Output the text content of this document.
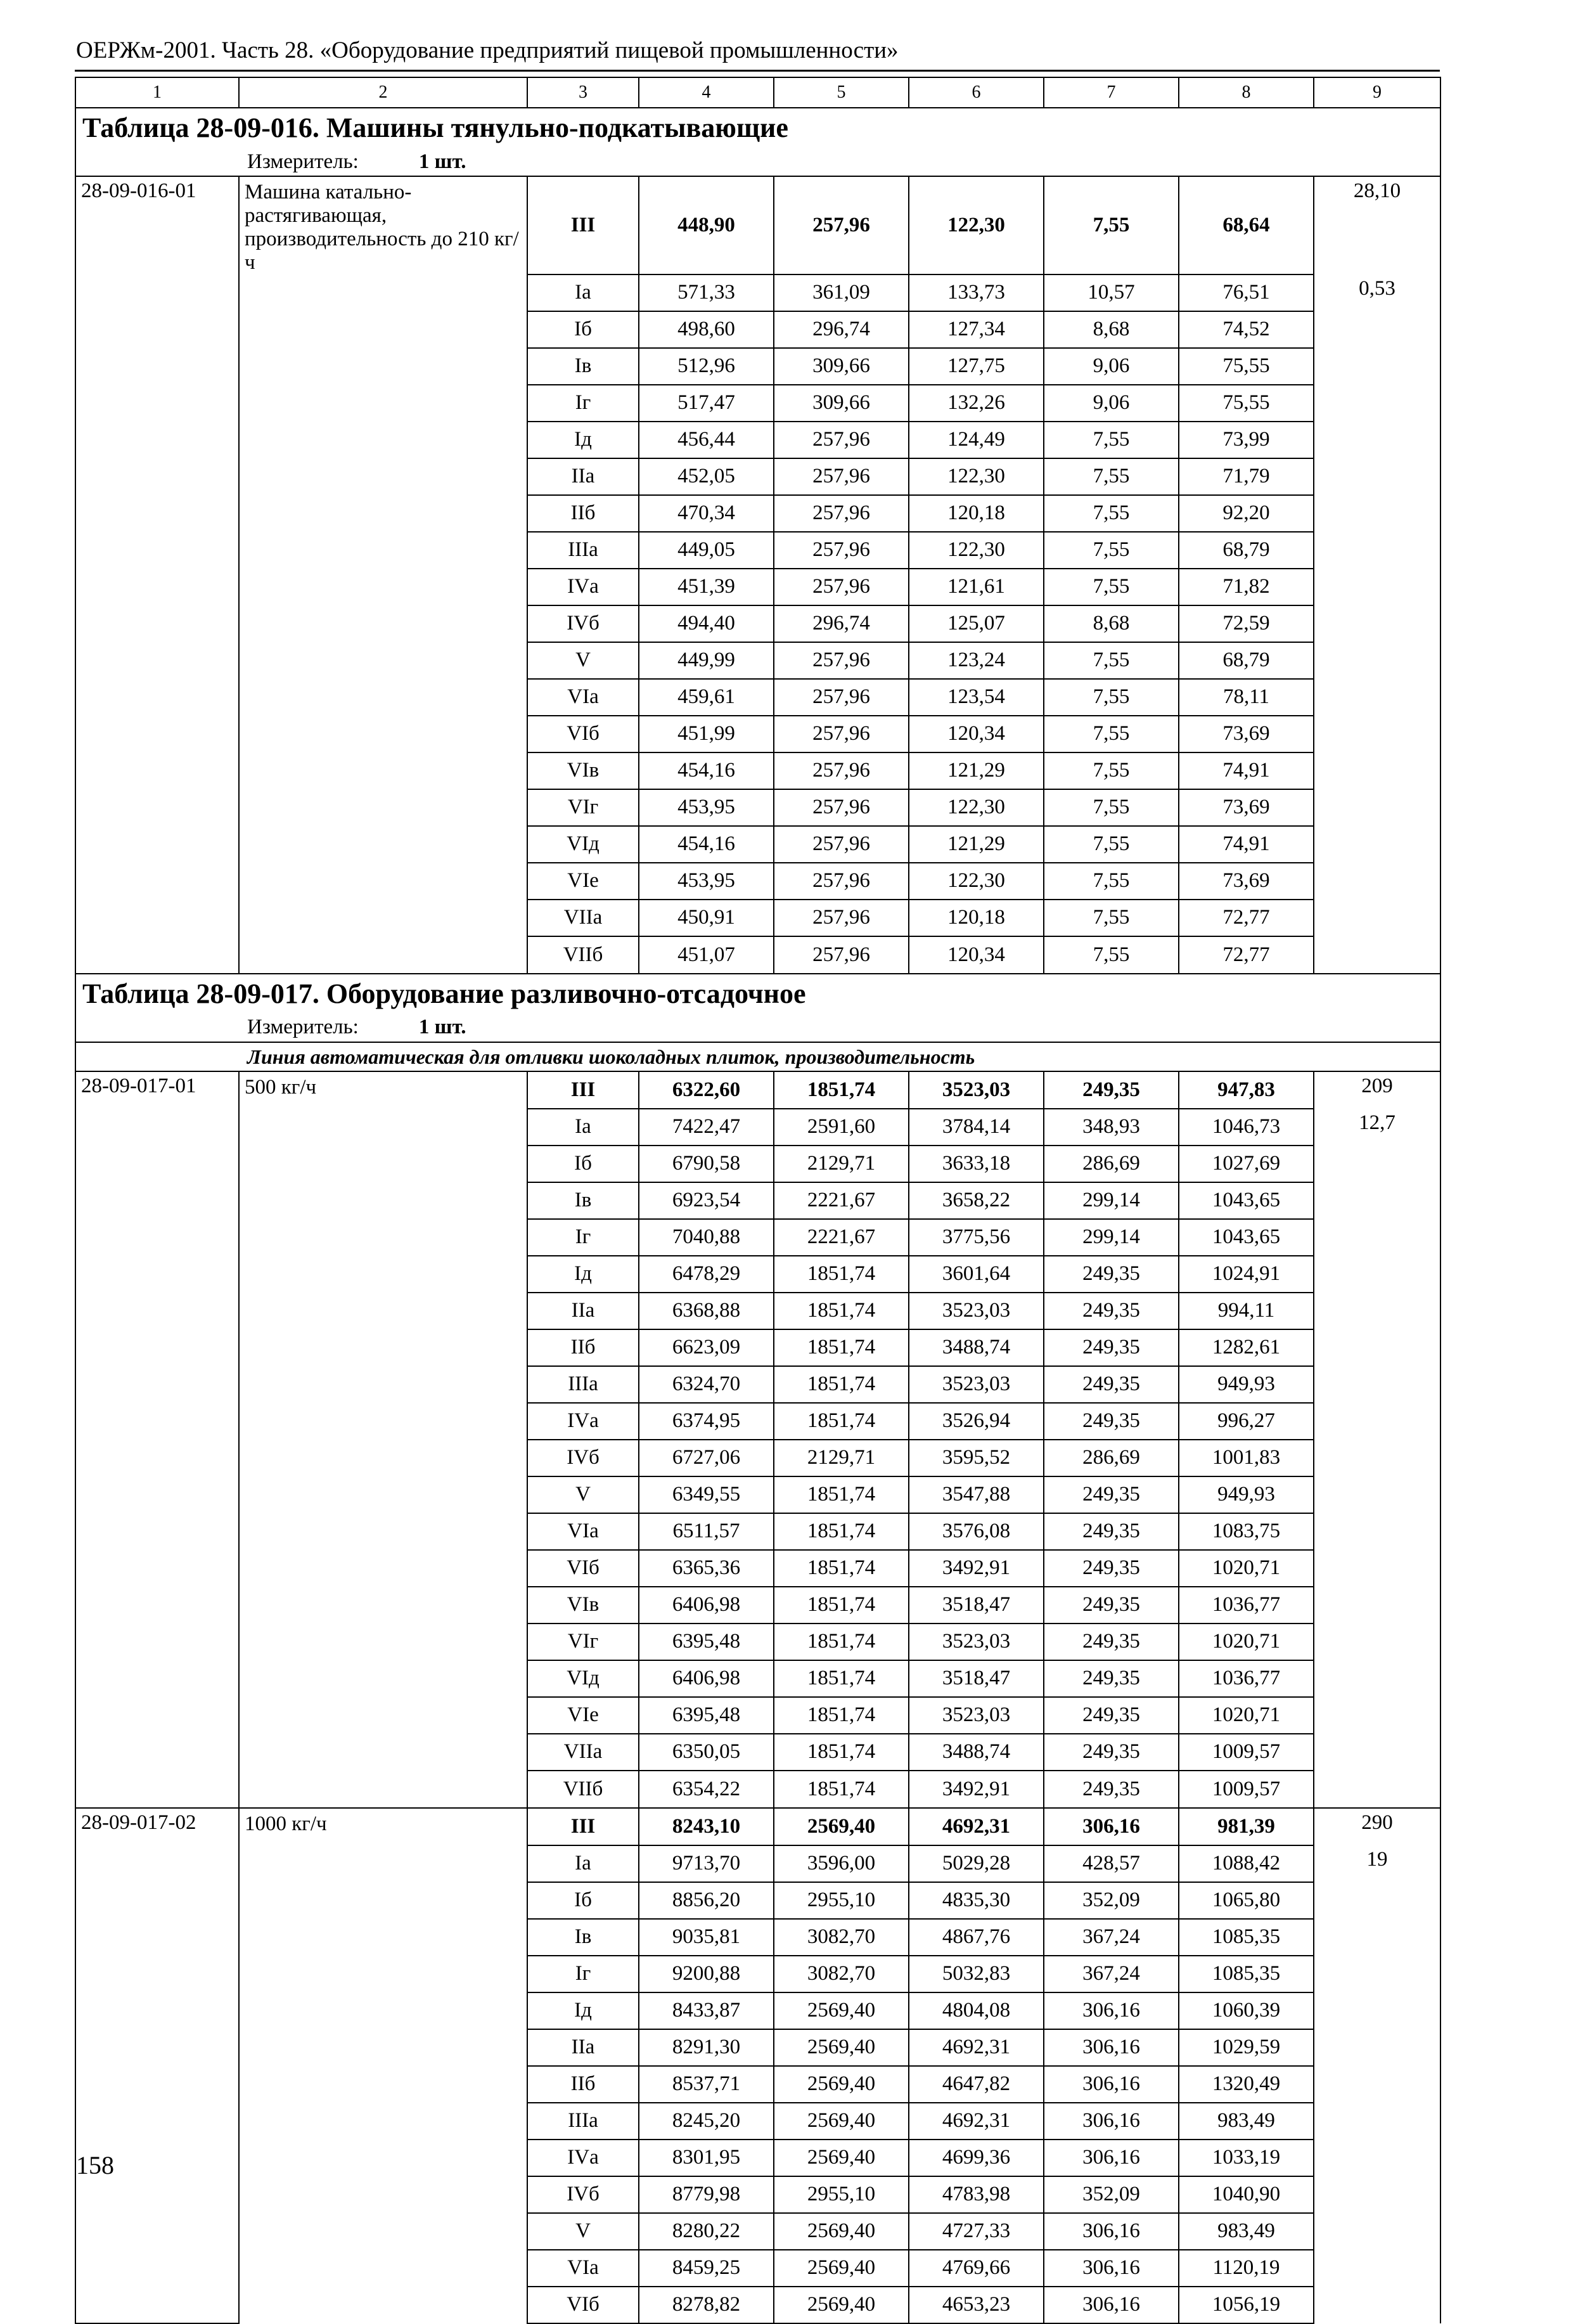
ОЕРЖм-2001. Часть 28. «Оборудование предприятий пищевой промышленности»
1	2	3	4	5	6	7	8	9
Таблица 28-09-016. Машины тянульно-подкатывающие								
Измеритель: 1 шт.								
28-09-016-01	Машина катально-растягивающая, производительность до 210 кг/ч	III	448,90	257,96	122,30	7,55	68,64	28,10
		Iа	571,33	361,09	133,73	10,57	76,51	0,53
		Iб	498,60	296,74	127,34	8,68	74,52	
		Iв	512,96	309,66	127,75	9,06	75,55	
		Iг	517,47	309,66	132,26	9,06	75,55	
		Iд	456,44	257,96	124,49	7,55	73,99	
		IIа	452,05	257,96	122,30	7,55	71,79	
		IIб	470,34	257,96	120,18	7,55	92,20	
		IIIа	449,05	257,96	122,30	7,55	68,79	
		IVа	451,39	257,96	121,61	7,55	71,82	
		IVб	494,40	296,74	125,07	8,68	72,59	
		V	449,99	257,96	123,24	7,55	68,79	
		VIа	459,61	257,96	123,54	7,55	78,11	
		VIб	451,99	257,96	120,34	7,55	73,69	
		VIв	454,16	257,96	121,29	7,55	74,91	
		VIг	453,95	257,96	122,30	7,55	73,69	
		VIд	454,16	257,96	121,29	7,55	74,91	
		VIе	453,95	257,96	122,30	7,55	73,69	
		VIIа	450,91	257,96	120,18	7,55	72,77	
		VIIб	451,07	257,96	120,34	7,55	72,77	
Таблица 28-09-017. Оборудование разливочно-отсадочное								
Измеритель: 1 шт.								
Линия автоматическая для отливки шоколадных плиток, производительность								
28-09-017-01	500 кг/ч	III	6322,60	1851,74	3523,03	249,35	947,83	209
		Iа	7422,47	2591,60	3784,14	348,93	1046,73	12,7
		Iб	6790,58	2129,71	3633,18	286,69	1027,69	
		Iв	6923,54	2221,67	3658,22	299,14	1043,65	
		Iг	7040,88	2221,67	3775,56	299,14	1043,65	
		Iд	6478,29	1851,74	3601,64	249,35	1024,91	
		IIа	6368,88	1851,74	3523,03	249,35	994,11	
		IIб	6623,09	1851,74	3488,74	249,35	1282,61	
		IIIа	6324,70	1851,74	3523,03	249,35	949,93	
		IVа	6374,95	1851,74	3526,94	249,35	996,27	
		IVб	6727,06	2129,71	3595,52	286,69	1001,83	
		V	6349,55	1851,74	3547,88	249,35	949,93	
		VIа	6511,57	1851,74	3576,08	249,35	1083,75	
		VIб	6365,36	1851,74	3492,91	249,35	1020,71	
		VIв	6406,98	1851,74	3518,47	249,35	1036,77	
		VIг	6395,48	1851,74	3523,03	249,35	1020,71	
		VIд	6406,98	1851,74	3518,47	249,35	1036,77	
		VIе	6395,48	1851,74	3523,03	249,35	1020,71	
		VIIа	6350,05	1851,74	3488,74	249,35	1009,57	
		VIIб	6354,22	1851,74	3492,91	249,35	1009,57	
28-09-017-02	1000 кг/ч	III	8243,10	2569,40	4692,31	306,16	981,39	290
		Iа	9713,70	3596,00	5029,28	428,57	1088,42	19
		Iб	8856,20	2955,10	4835,30	352,09	1065,80	
		Iв	9035,81	3082,70	4867,76	367,24	1085,35	
		Iг	9200,88	3082,70	5032,83	367,24	1085,35	
		Iд	8433,87	2569,40	4804,08	306,16	1060,39	
		IIа	8291,30	2569,40	4692,31	306,16	1029,59	
		IIб	8537,71	2569,40	4647,82	306,16	1320,49	
		IIIа	8245,20	2569,40	4692,31	306,16	983,49	
		IVа	8301,95	2569,40	4699,36	306,16	1033,19	
		IVб	8779,98	2955,10	4783,98	352,09	1040,90	
		V	8280,22	2569,40	4727,33	306,16	983,49	
		VIа	8459,25	2569,40	4769,66	306,16	1120,19	
		VIб	8278,82	2569,40	4653,23	306,16	1056,19	
158
